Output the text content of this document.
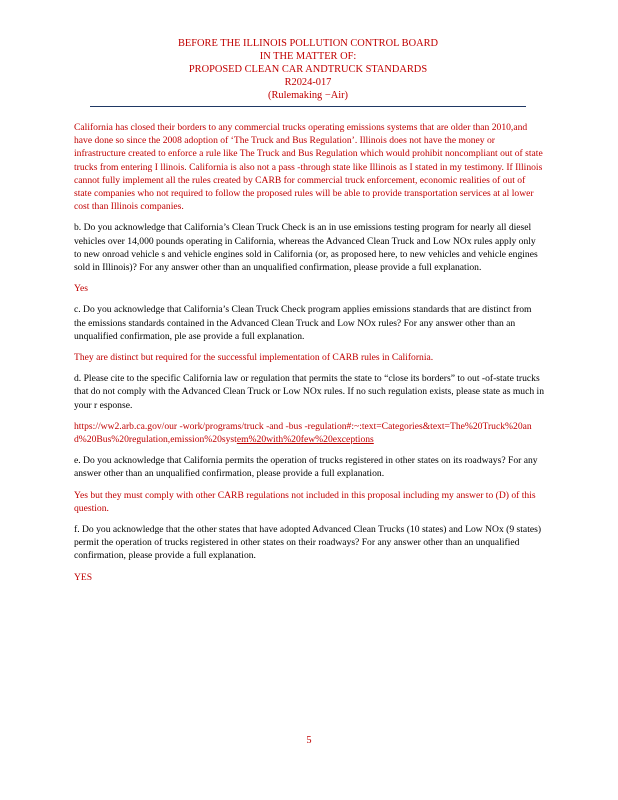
BEFORE THE ILLINOIS POLLUTION CONTROL BOARD
IN THE MATTER OF:
PROPOSED CLEAN CAR ANDTRUCK STANDARDS
R2024-017
(Rulemaking −Air)

California has closed their borders to any commercial trucks operating emissions systems that are older than 2010,and have done so since the 2008 adoption of ‘The Truck and Bus Regulation’. Illinois does not have the money or infrastructure created to enforce a rule like The Truck and Bus Regulation which would prohibit noncompliant out of state trucks from entering I llinois. California is also not a pass -through state like Illinois as I stated in my testimony. If Illinois cannot fully implement all the rules created by CARB for commercial truck enforcement, economic realities of out of state companies who not required to follow the proposed rules will be able to provide transportation services at al lower cost than Illinois companies.

b. Do you acknowledge that California’s Clean Truck Check is an in use emissions testing program for nearly all diesel vehicles over 14,000 pounds operating in California, whereas the Advanced Clean Truck and Low NOx rules apply only to new onroad vehicle s and vehicle engines sold in California (or, as proposed here, to new vehicles and vehicle engines sold in Illinois)? For any answer other than an unqualified confirmation, please provide a full explanation.

Yes

c. Do you acknowledge that California’s Clean Truck Check program applies emissions standards that are distinct from the emissions standards contained in the Advanced Clean Truck and Low NOx rules? For any answer other than an unqualified confirmation, ple ase provide a full explanation.

They are distinct but required for the successful implementation of CARB rules in California.

d. Please cite to the specific California law or regulation that permits the state to “close its borders” to out -of-state trucks that do not comply with the Advanced Clean Truck or Low NOx rules. If no such regulation exists, please state as much in your r esponse.

https://ww2.arb.ca.gov/our -work/programs/truck -and -bus -regulation#:~:text=Categories&text=The%20Truck%20and%20Bus%20regulation,emission%20system%20with%20few%20exceptions

e. Do you acknowledge that California permits the operation of trucks registered in other states on its roadways? For any answer other than an unqualified confirmation, please provide a full explanation.

Yes but they must comply with other CARB regulations not included in this proposal including my answer to (D) of this question.

f. Do you acknowledge that the other states that have adopted Advanced Clean Trucks (10 states) and Low NOx (9 states) permit the operation of trucks registered in other states on their roadways? For any answer other than an unqualified confirmation, please provide a full explanation.

YES

5
